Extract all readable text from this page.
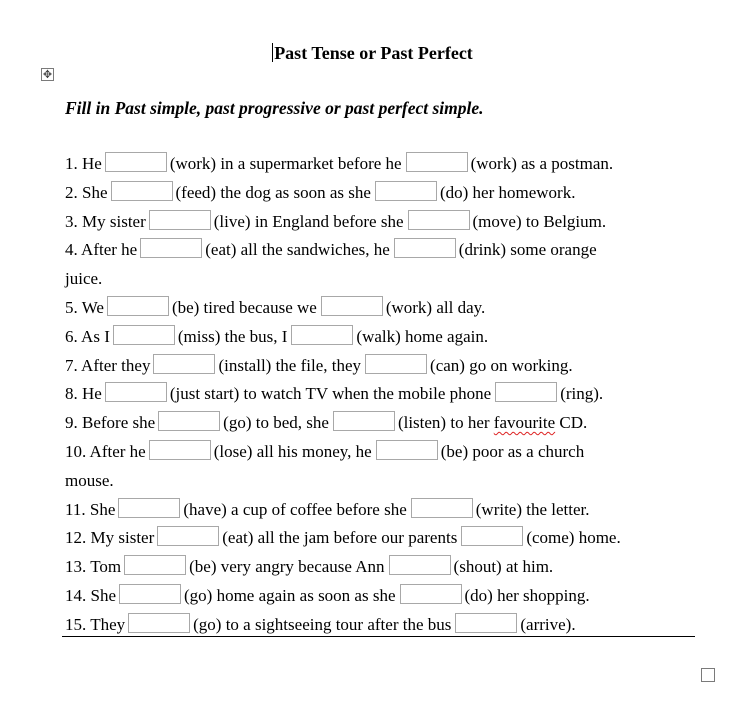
Past Tense or Past Perfect
✥
Fill in Past simple, past progressive or past perfect simple.
1. He	(work) in a supermarket before he	(work) as a postman.
2. She	(feed) the dog as soon as she	(do) her homework.
3. My sister	(live) in England before she	(move) to Belgium.
4. After he	(eat) all the sandwiches, he	(drink) some orange
juice.
5. We	(be) tired because we	(work) all day.
6. As I	(miss) the bus, I	(walk) home again.
7. After they	(install) the file, they	(can) go on working.
8. He	(just start) to watch TV when the mobile phone	(ring).
9. Before she	(go) to bed, she	(listen) to her favourite CD.
10. After he	(lose) all his money, he	(be) poor as a church
mouse.
11. She	(have) a cup of coffee before she	(write) the letter.
12. My sister	(eat) all the jam before our parents	(come) home.
13. Tom	(be) very angry because Ann	(shout) at him.
14. She	(go) home again as soon as she	(do) her shopping.
15. They	(go) to a sightseeing tour after the bus	(arrive).
